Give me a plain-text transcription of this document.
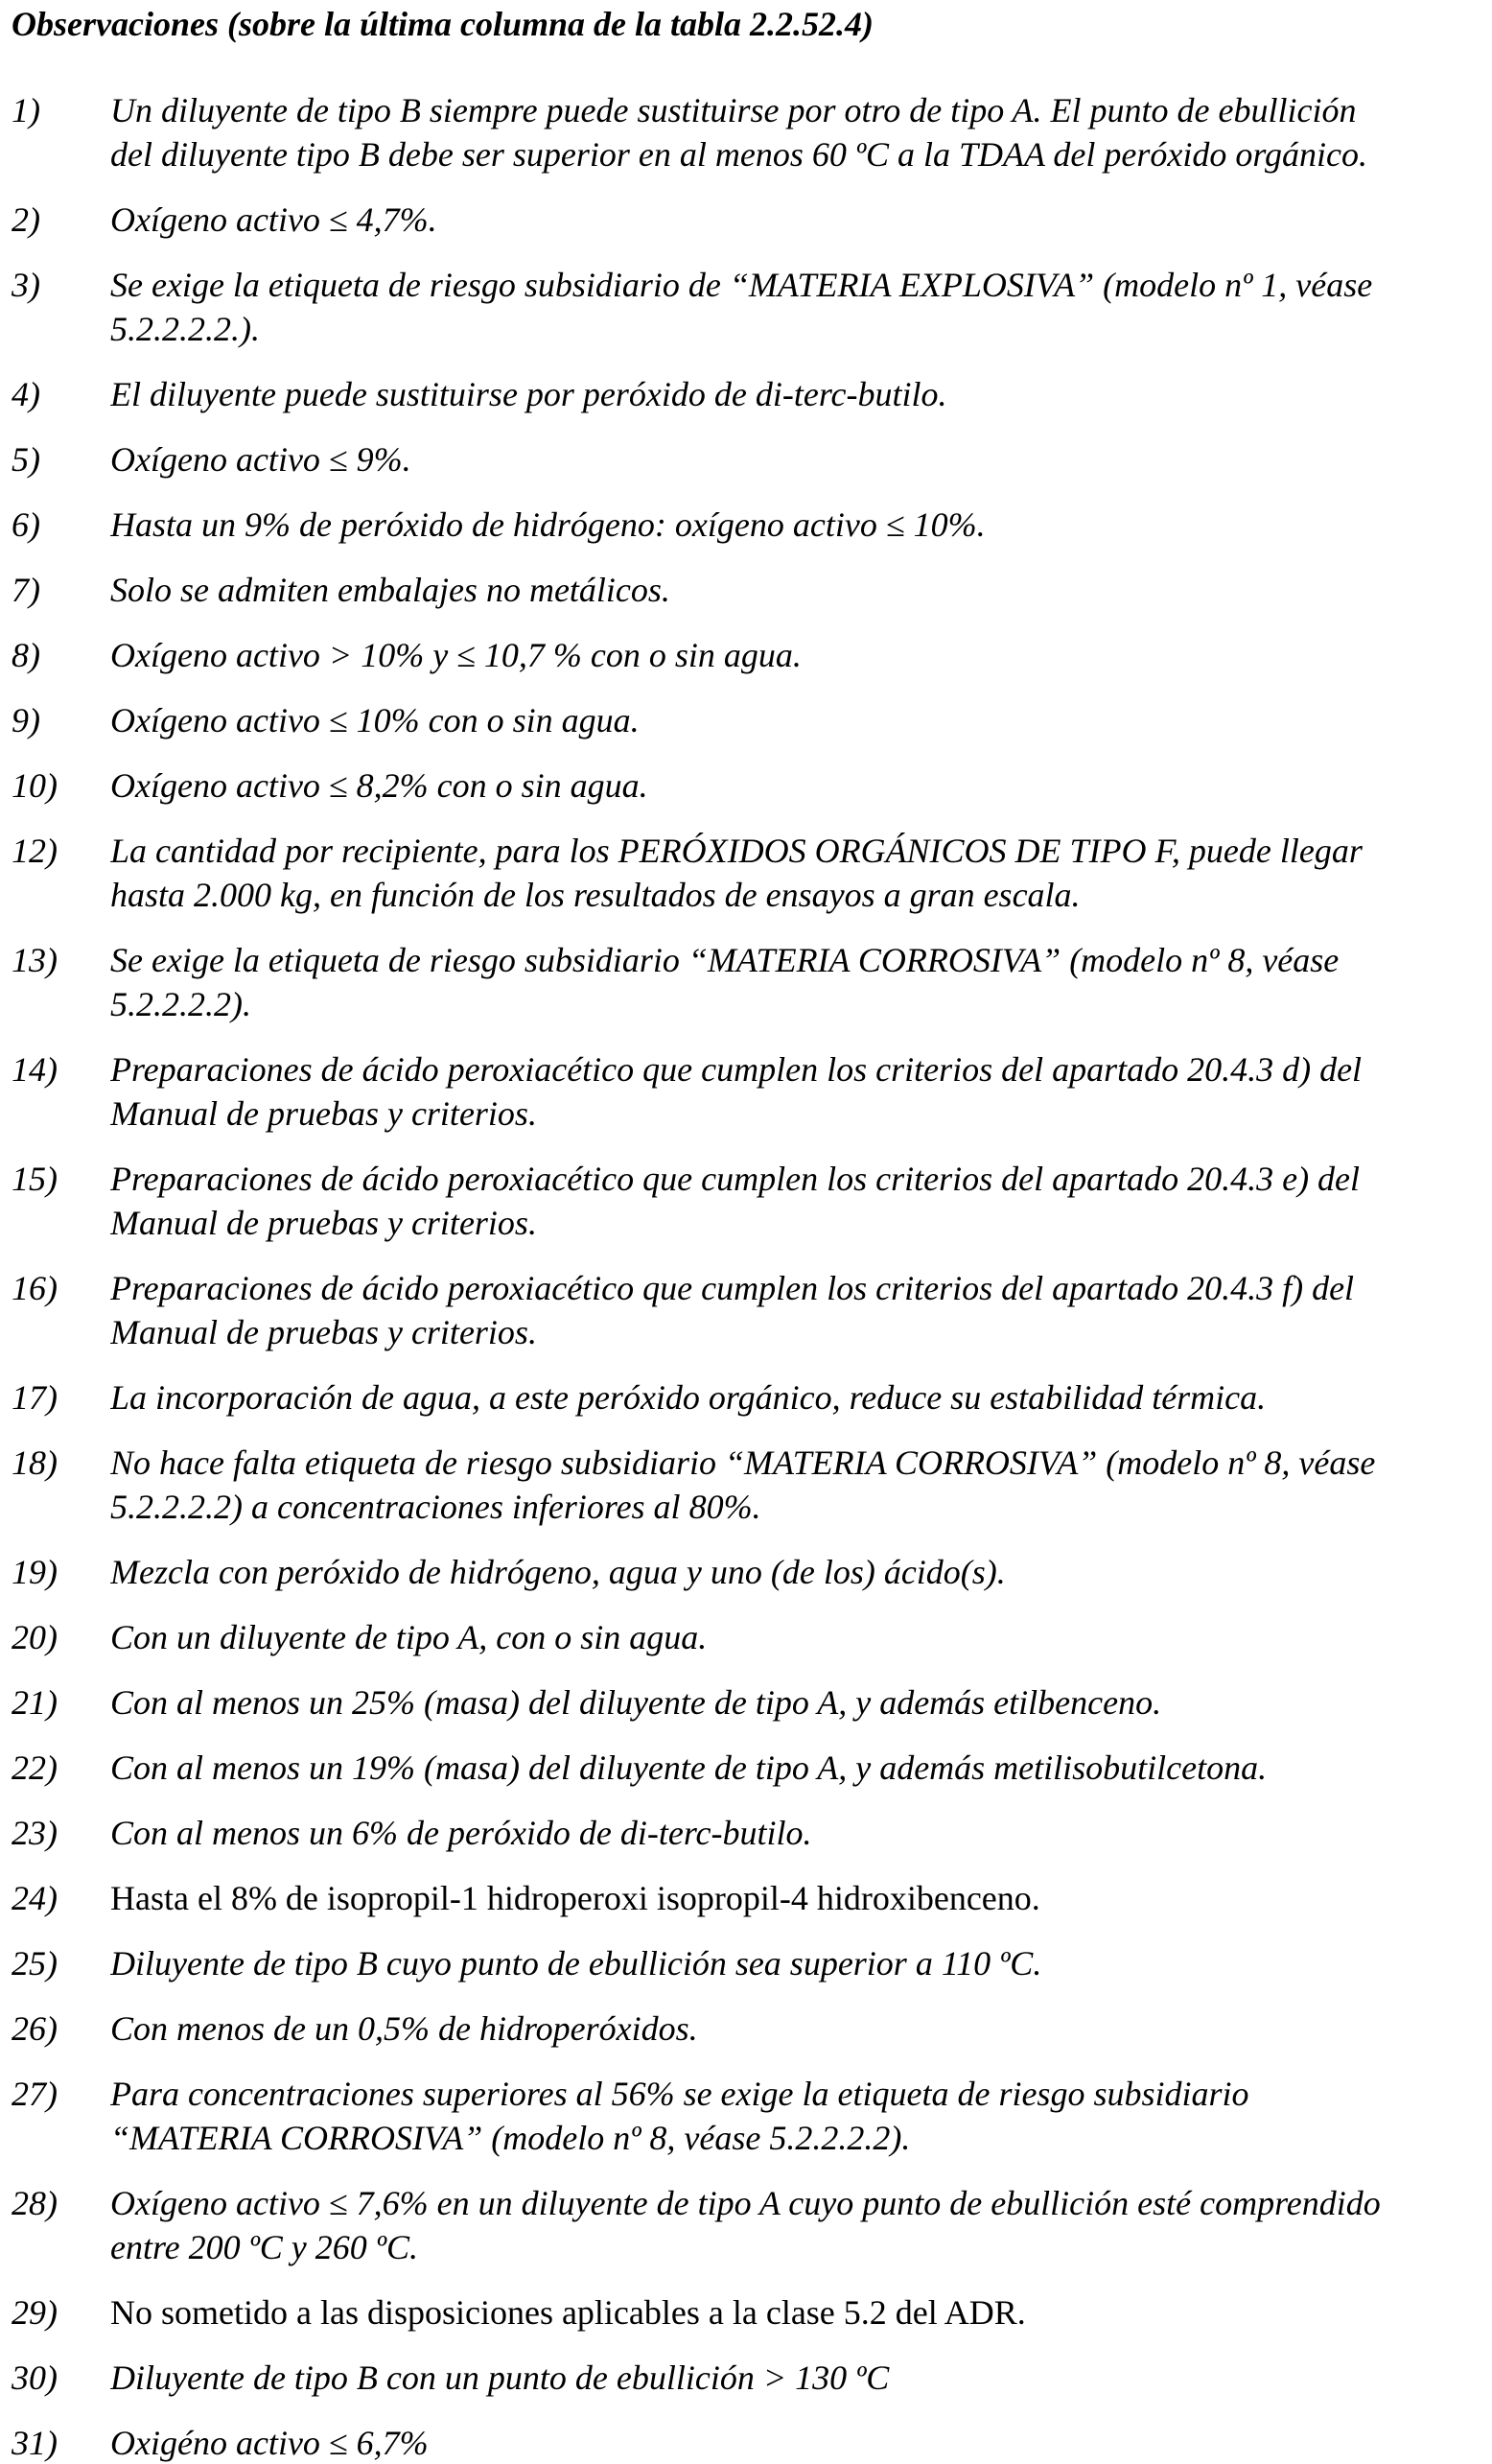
Observaciones (sobre la última columna de la tabla 2.2.52.4)
1) Un diluyente de tipo B siempre puede sustituirse por otro de tipo A. El punto de ebullición
del diluyente tipo B debe ser superior en al menos 60 ºC a la TDAA del peróxido orgánico.
2) Oxígeno activo ≤ 4,7%.
3) Se exige la etiqueta de riesgo subsidiario de “MATERIA EXPLOSIVA” (modelo nº 1, véase
5.2.2.2.2.).
4) El diluyente puede sustituirse por peróxido de di-terc-butilo.
5) Oxígeno activo ≤ 9%.
6) Hasta un 9% de peróxido de hidrógeno: oxígeno activo ≤ 10%.
7) Solo se admiten embalajes no metálicos.
8) Oxígeno activo > 10% y ≤ 10,7 % con o sin agua.
9) Oxígeno activo ≤ 10% con o sin agua.
10) Oxígeno activo ≤ 8,2% con o sin agua.
12) La cantidad por recipiente, para los PERÓXIDOS ORGÁNICOS DE TIPO F, puede llegar
hasta 2.000 kg, en función de los resultados de ensayos a gran escala.
13) Se exige la etiqueta de riesgo subsidiario “MATERIA CORROSIVA” (modelo nº 8, véase
5.2.2.2.2).
14) Preparaciones de ácido peroxiacético que cumplen los criterios del apartado 20.4.3 d) del
Manual de pruebas y criterios.
15) Preparaciones de ácido peroxiacético que cumplen los criterios del apartado 20.4.3 e) del
Manual de pruebas y criterios.
16) Preparaciones de ácido peroxiacético que cumplen los criterios del apartado 20.4.3 f) del
Manual de pruebas y criterios.
17) La incorporación de agua, a este peróxido orgánico, reduce su estabilidad térmica.
18) No hace falta etiqueta de riesgo subsidiario “MATERIA CORROSIVA” (modelo nº 8, véase
5.2.2.2.2) a concentraciones inferiores al 80%.
19) Mezcla con peróxido de hidrógeno, agua y uno (de los) ácido(s).
20) Con un diluyente de tipo A, con o sin agua.
21) Con al menos un 25% (masa) del diluyente de tipo A, y además etilbenceno.
22) Con al menos un 19% (masa) del diluyente de tipo A, y además metilisobutilcetona.
23) Con al menos un 6% de peróxido de di-terc-butilo.
24) Hasta el 8% de isopropil-1 hidroperoxi isopropil-4 hidroxibenceno.
25) Diluyente de tipo B cuyo punto de ebullición sea superior a 110 ºC.
26) Con menos de un 0,5% de hidroperóxidos.
27) Para concentraciones superiores al 56% se exige la etiqueta de riesgo subsidiario
“MATERIA CORROSIVA” (modelo nº 8, véase 5.2.2.2.2).
28) Oxígeno activo ≤ 7,6% en un diluyente de tipo A cuyo punto de ebullición esté comprendido
entre 200 ºC y 260 ºC.
29) No sometido a las disposiciones aplicables a la clase 5.2 del ADR.
30) Diluyente de tipo B con un punto de ebullición > 130 ºC
31) Oxigéno activo ≤ 6,7%
